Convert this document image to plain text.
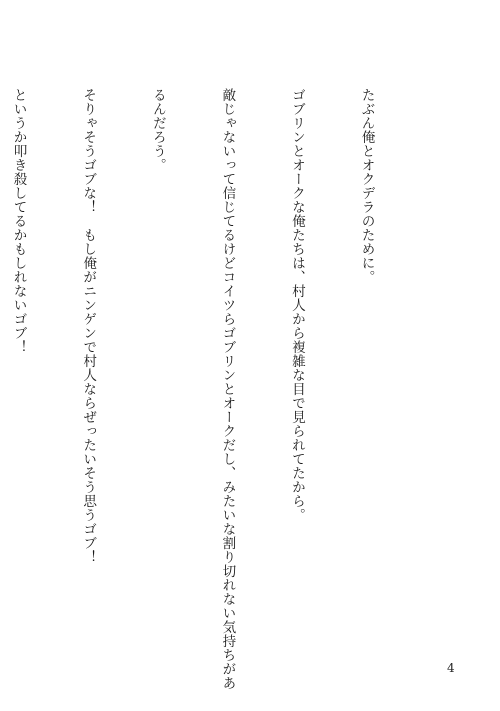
たぶん俺とオクデラのために。

ゴブリンとオークな俺たちは、村人から複雑な目で見られてたから。

敵じゃないって信じてるけどコイツらゴブリンとオークだし、みたいな割り切れない気持ちがあ

るんだろう。

そりゃそうゴブな！　もし俺がニンゲンで村人ならぜったいそう思うゴブ！

というか叩き殺してるかもしれないゴブ！

4
